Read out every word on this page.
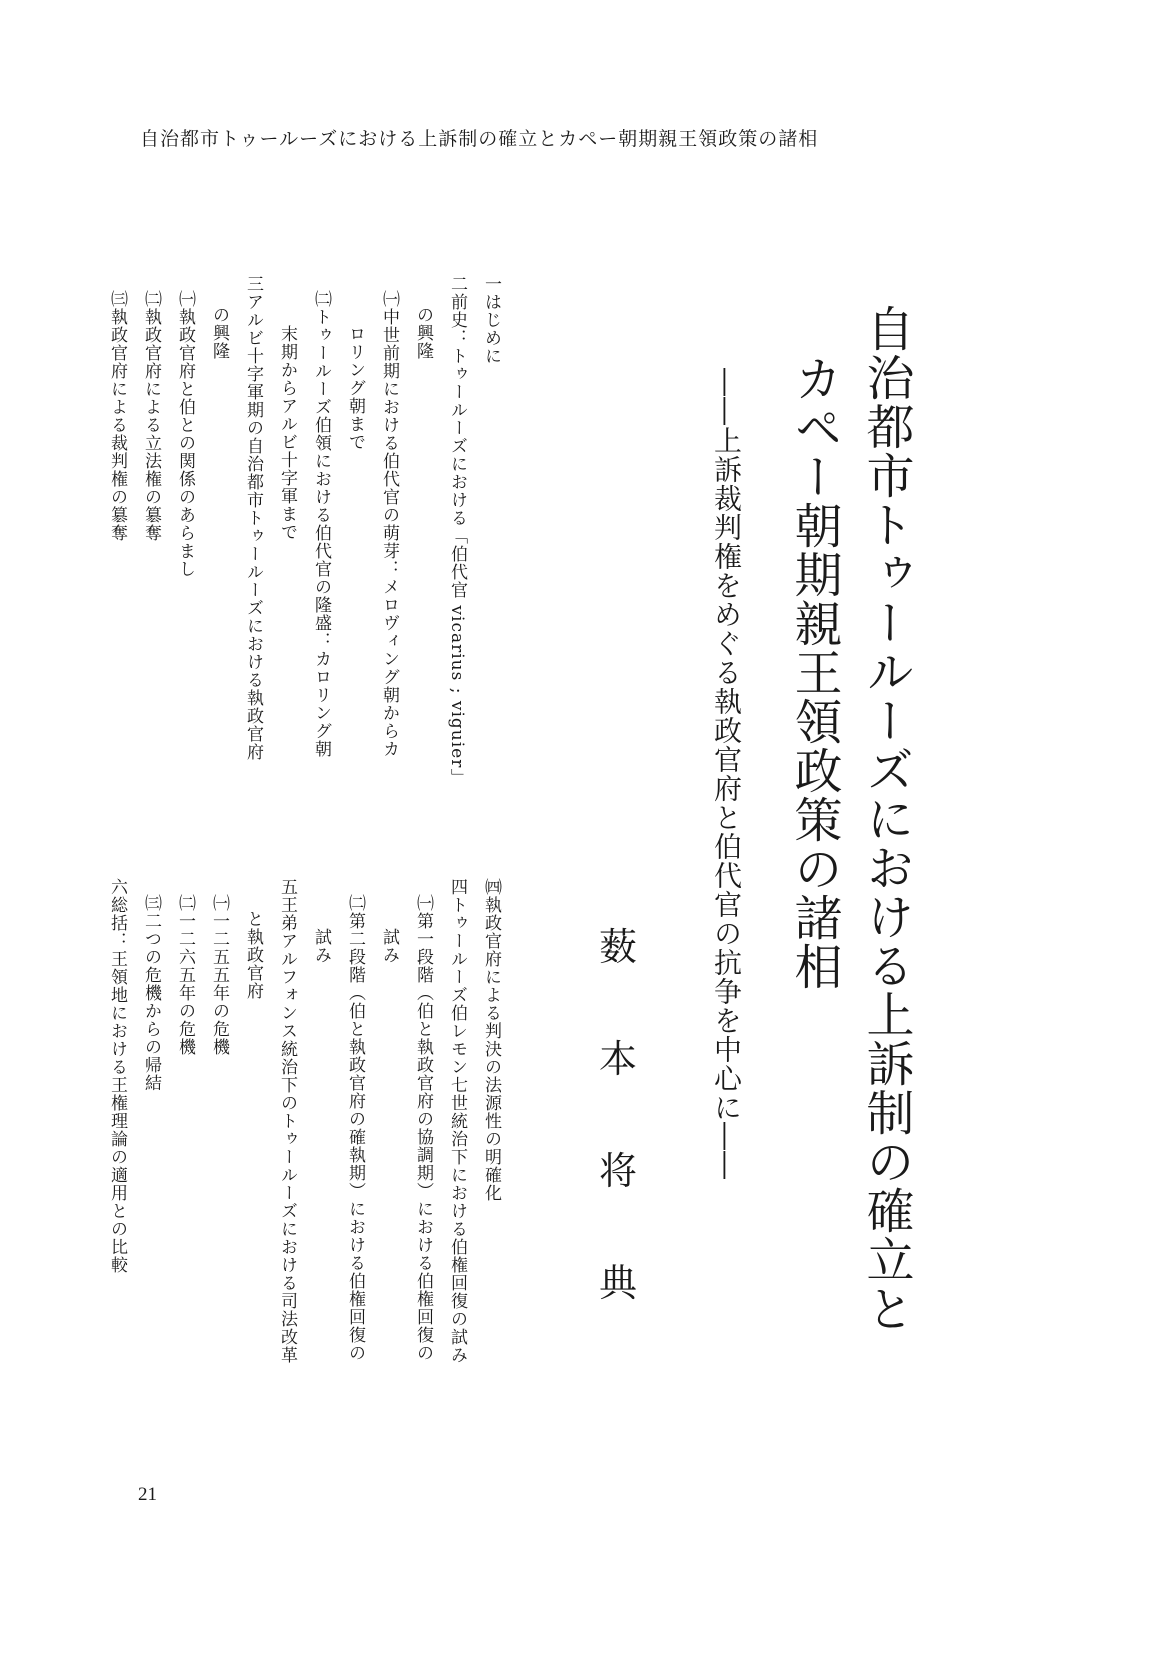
自治都市トゥールーズにおける上訴制の確立とカペー朝期親王領政策の諸相
自治都市トゥールーズにおける上訴制の確立と
カペー朝期親王領政策の諸相
――上訴裁判権をめぐる執政官府と伯代官の抗争を中心に――
薮
本
将
典
一はじめに
二前史：トゥールーズにおける「伯代官 vicarius ; viguier」
の興隆
㈠中世前期における伯代官の萌芽：メロヴィング朝からカ
ロリング朝まで
㈡トゥールーズ伯領における伯代官の隆盛：カロリング朝
末期からアルビ十字軍まで
三アルビ十字軍期の自治都市トゥールーズにおける執政官府
の興隆
㈠執政官府と伯との関係のあらまし
㈡執政官府による立法権の簒奪
㈢執政官府による裁判権の簒奪
㈣執政官府による判決の法源性の明確化
四トゥールーズ伯レモン七世統治下における伯権回復の試み
㈠第一段階（伯と執政官府の協調期）における伯権回復の
試み
㈡第二段階（伯と執政官府の確執期）における伯権回復の
試み
五王弟アルフォンス統治下のトゥールーズにおける司法改革
と執政官府
㈠一二五五年の危機
㈡一二六五年の危機
㈢二つの危機からの帰結
六総括：王領地における王権理論の適用との比較
21
